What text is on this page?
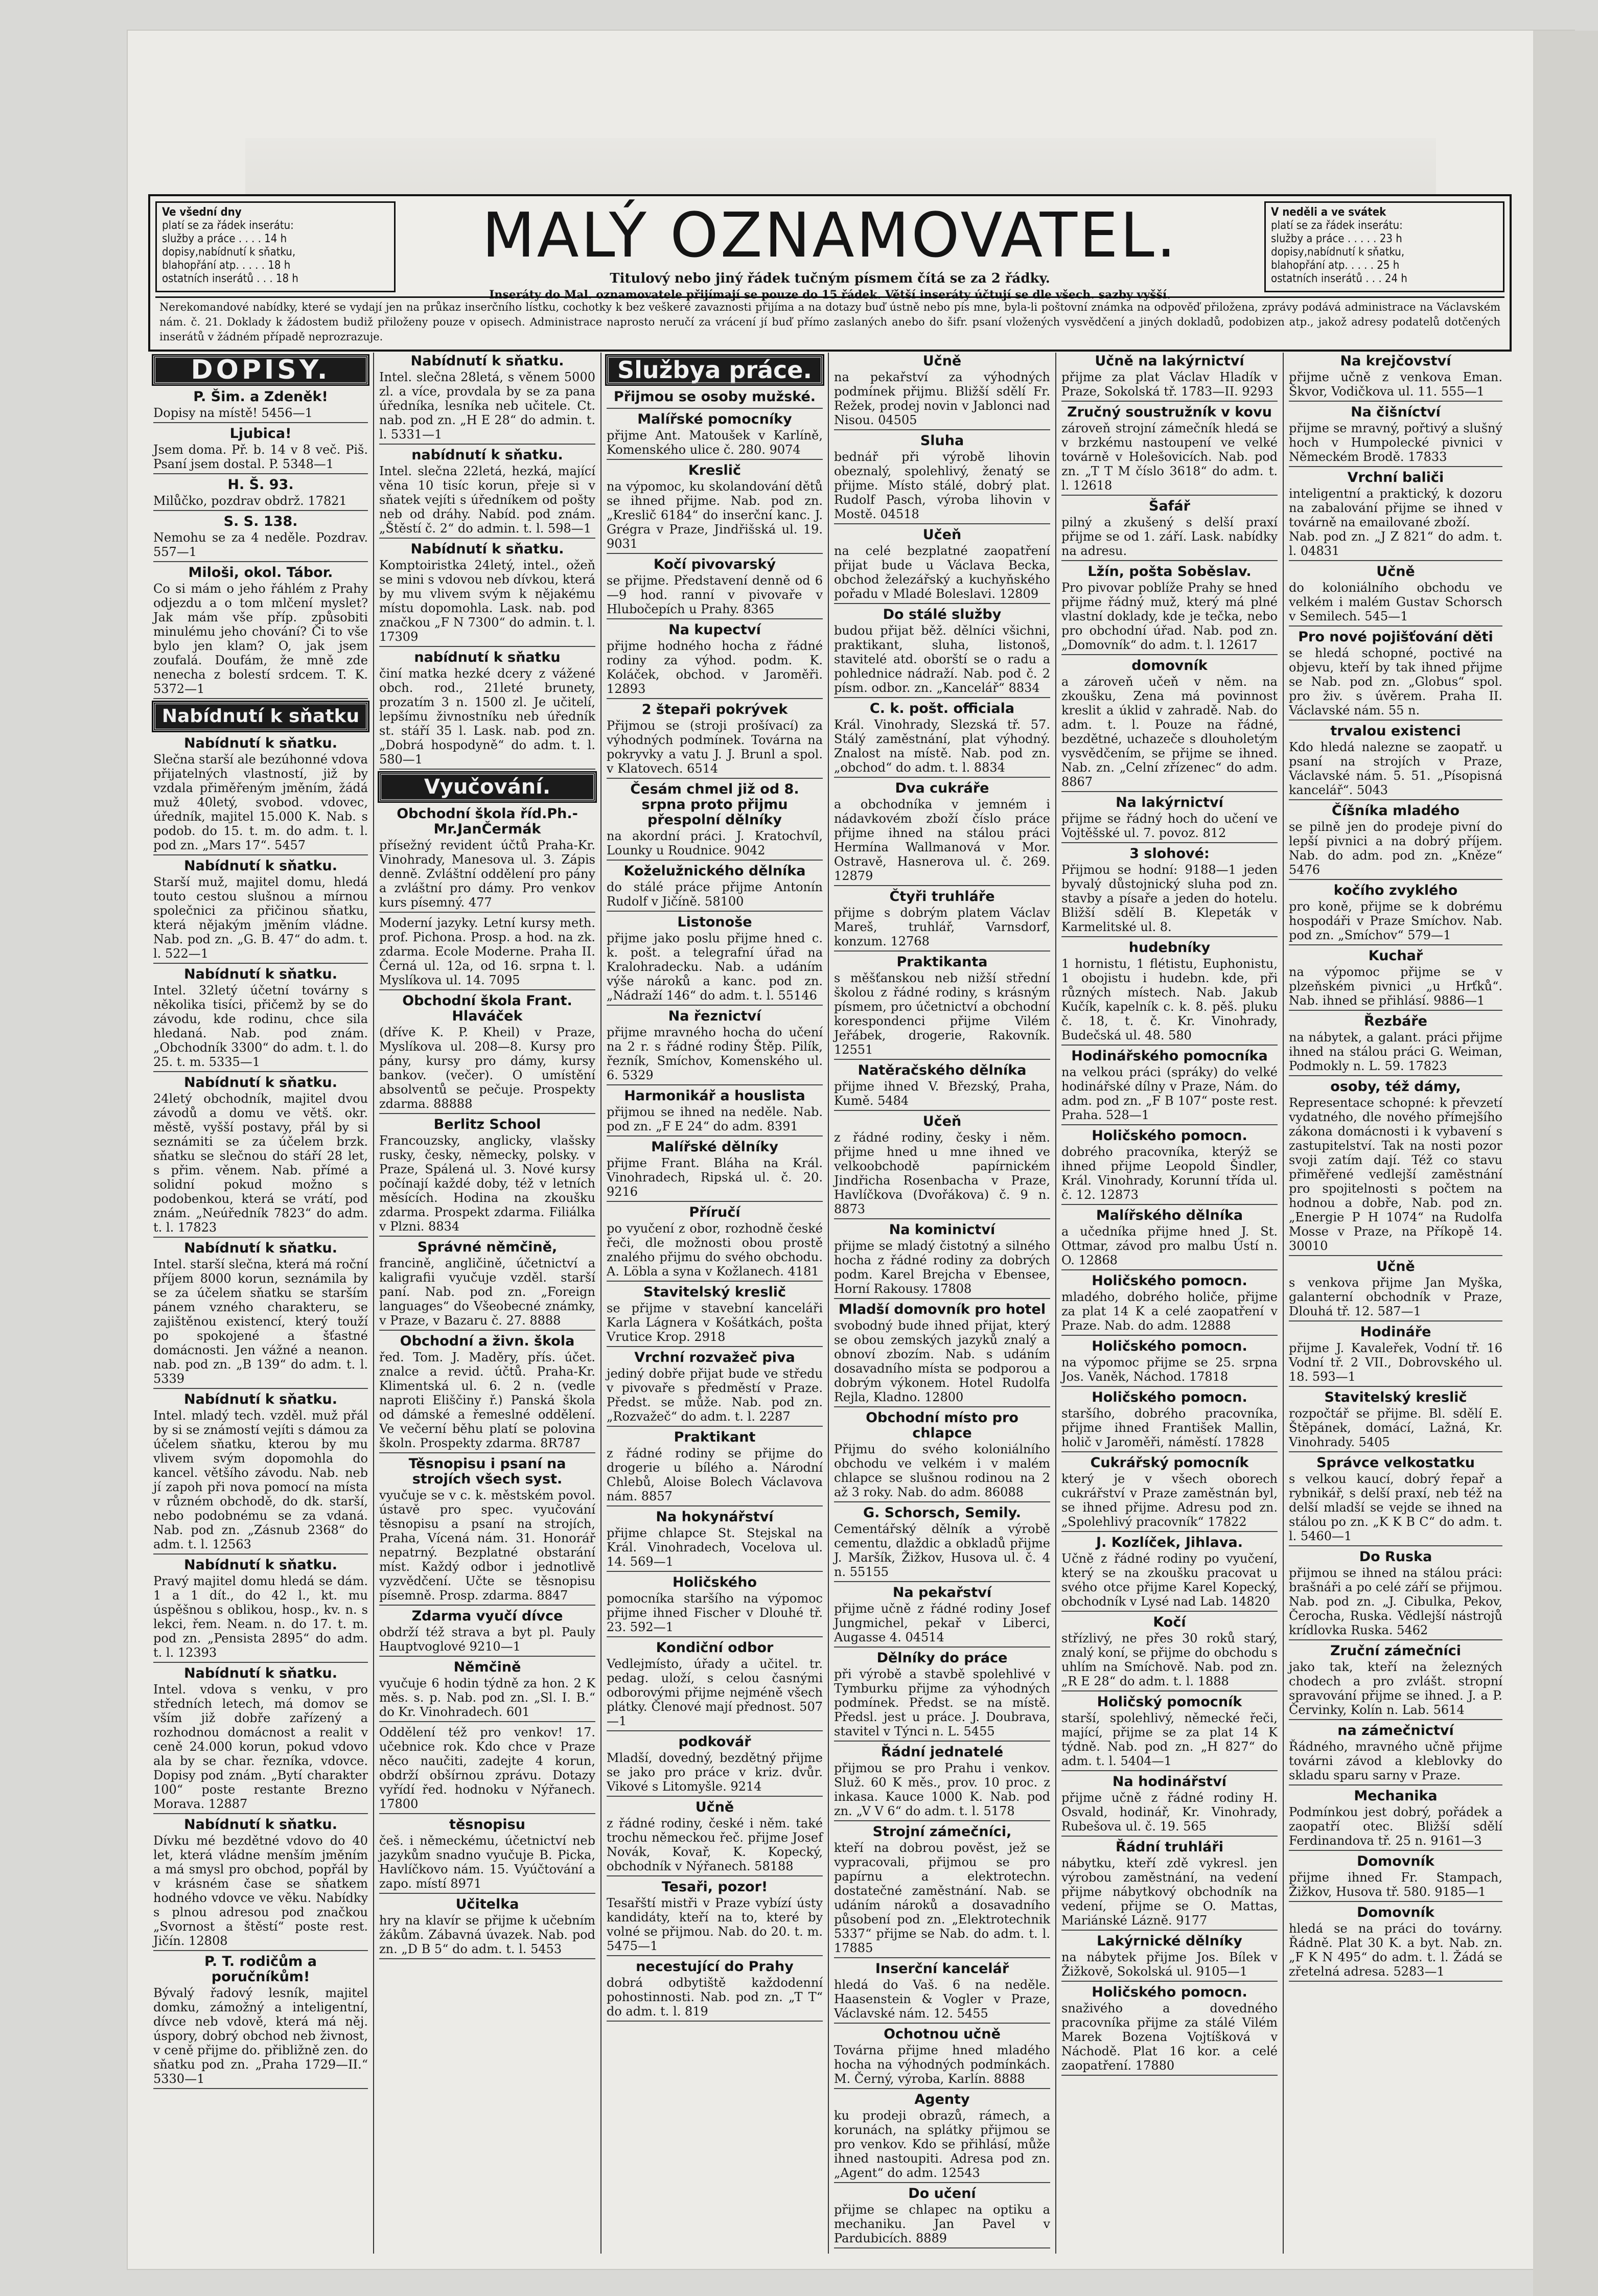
Ve všední dny
platí se za řádek inserátu:
služby a práce . . . . 14 h
dopisy,nabídnutí k sňatku,
blahopřání atp. . . . . 18 h
ostatních inserátů . . . 18 h
MALÝ OZNAMOVATEL.
Titulový nebo jiný řádek tučným písmem čítá se za 2 řádky.
Inseráty do Mal. oznamovatele přijímají se pouze do 15 řádek. Větší inseráty účtují se dle všech. sazby vyšší.
V neděli a ve svátek
platí se za řádek inserátu:
služby a práce . . . . . 23 h
dopisy,nabídnutí k sňatku,
blahopřání atp. . . . . 25 h
ostatních inserátů . . . 24 h
Nerekomandové nabídky, které se vydají jen na průkaz inserčního lístku, cochotky k bez veškeré zavaznosti přijíma a na dotazy buď ústně nebo pís mne, byla-li poštovní známka na odpověď přiložena, zprávy podává administrace na Václavském nám. č. 21. Doklady k žádostem budiž přiloženy pouze v opisech. Administrace naprosto neručí za vrácení jí buď přímo zaslaných anebo do šifr. psaní vložených vysvědčení a jiných dokladů, podobizen atp., jakož adresy podatelů dotčených inserátů v žádném případě neprozrazuje.
DOPISY.
P. Šim. a Zdeněk!

Dopisy na místě! 5456—1

Ljubica!

Jsem doma. Př. b. 14 v 8 več. Piš. Psaní jsem dostal. P. 5348—1

H. Š. 93.

Milůčko, pozdrav obdrž. 17821

S. S. 138.

Nemohu se za 4 neděle. Pozdrav. 557—1

Miloši, okol. Tábor.

Co si mám o jeho řáhlém z Prahy odjezdu a o tom mlčení myslet? Jak mám vše příp. způsobiti minulému jeho chování? Či to vše bylo jen klam? O, jak jsem zoufalá. Doufám, že mně zde nenecha z bolestí srdcem. T. K. 5372—1

Nabídnutí k sňatku
Nabídnutí k sňatku.

Slečna starší ale bezúhonné vdova přijatelných vlastností, již by vzdala přiměřeným jměním, žádá muž 40letý, svobod. vdovec, úředník, majitel 15.000 K. Nab. s podob. do 15. t. m. do adm. t. l. pod zn. „Mars 17“. 5457

Nabídnutí k sňatku.

Starší muž, majitel domu, hledá touto cestou slušnou a mírnou společnici za přičinou sňatku, která nějakým jměním vládne. Nab. pod zn. „G. B. 47“ do adm. t. l. 522—1

Nabídnutí k sňatku.

Intel. 32letý účetní továrny s několika tisíci, přičemž by se do závodu, kde rodinu, chce sila hledaná. Nab. pod znám. „Obchodník 3300“ do adm. t. l. do 25. t. m. 5335—1

Nabídnutí k sňatku.

24letý obchodník, majitel dvou závodů a domu ve větš. okr. městě, vyšší postavy, přál by si seznámiti se za účelem brzk. sňatku se slečnou do stáří 28 let, s přim. věnem. Nab. přímé a solidní pokud možno s podobenkou, která se vrátí, pod znám. „Neúředník 7823“ do adm. t. l. 17823

Nabídnutí k sňatku.

Intel. starší slečna, která má roční příjem 8000 korun, seznámila by se za účelem sňatku se starším pánem vzného charakteru, se zajištěnou existencí, který touží po spokojené a šťastné domácnosti. Jen vážné a neanon. nab. pod zn. „B 139“ do adm. t. l. 5339

Nabídnutí k sňatku.

Intel. mladý tech. vzděl. muž přál by si se známostí vejíti s dámou za účelem sňatku, kterou by mu vlivem svým dopomohla do kancel. většího závodu. Nab. neb jí zapoh při nova pomocí na místa v různém obchodě, do dk. starší, nebo podobnému se za vdaná. Nab. pod zn. „Zásnub 2368“ do adm. t. l. 12563

Nabídnutí k sňatku.

Pravý majitel domu hledá se dám. 1 a 1 dít., do 42 l., kt. mu úspěšnou s oblikou, hosp., kv. n. s lekci, řem. Neam. n. do 17. t. m. pod zn. „Pensista 2895“ do adm. t. l. 12393

Nabídnutí k sňatku.

Intel. vdova s venku, v pro středních letech, má domov se vším již dobře zařízený a rozhodnou domácnost a realit v ceně 24.000 korun, pokud vdovo ala by se char. řezníka, vdovce. Dopisy pod znám. „Bytí charakter 100“ poste restante Brezno Morava. 12887

Nabídnutí k sňatku.

Dívku mé bezdětné vdovo do 40 let, která vládne menším jměním a má smysl pro obchod, popřál by v krásném čase se sňatkem hodného vdovce ve věku. Nabídky s plnou adresou pod značkou „Svornost a štěstí“ poste rest. Jičín. 12808

P. T. rodičům a poručníkům!

Bývalý řadový lesník, majitel domku, zámožný a inteligentní, dívce neb vdově, která má něj. úspory, dobrý obchod neb živnost, v ceně přijme do. přibližně zen. do sňatku pod zn. „Praha 1729—II.“ 5330—1

Nabídnutí k sňatku.

Intel. slečna 28letá, s věnem 5000 zl. a více, provdala by se za pana úředníka, lesníka neb učitele. Ct. nab. pod zn. „H E 28“ do admin. t. l. 5331—1

nabídnutí k sňatku.

Intel. slečna 22letá, hezká, mající věna 10 tisíc korun, přeje si v sňatek vejíti s úředníkem od pošty neb od dráhy. Nabíd. pod znám. „Štěstí č. 2“ do admin. t. l. 598—1

Nabídnutí k sňatku.

Komptoiristka 24letý, intel., ožeň se mini s vdovou neb dívkou, která by mu vlivem svým k nějakému místu dopomohla. Lask. nab. pod značkou „F N 7300“ do admin. t. l. 17309

nabídnutí k sňatku

činí matka hezké dcery z vážené obch. rod., 21leté brunety, prozatím 3 n. 1500 zl. Je učitelí, lepšímu živnostníku neb úředník st. stáří 35 l. Lask. nab. pod zn. „Dobrá hospodyně“ do adm. t. l. 580—1

Vyučování.
Obchodní škola říd.Ph.-Mr.JanČermák

přísežný revident účtů Praha-Kr. Vinohrady, Manesova ul. 3. Zápis denně. Zvláštní oddělení pro pány a zvláštní pro dámy. Pro venkov kurs písemný. 477

Moderní jazyky. Letní kursy meth. prof. Pichona. Prosp. a hod. na zk. zdarma. Ecole Moderne. Praha II. Černá ul. 12a, od 16. srpna t. l. Myslíkova ul. 14. 7095

Obchodní škola Frant. Hlaváček

(dříve K. P. Kheil) v Praze, Myslíkova ul. 208—8. Kursy pro pány, kursy pro dámy, kursy bankov. (večer). O umístění absolventů se pečuje. Prospekty zdarma. 88888

Berlitz School

Francouzsky, anglicky, vlašsky rusky, česky, německy, polsky. v Praze, Spálená ul. 3. Nové kursy počínají každé doby, též v letních měsících. Hodina na zkoušku zdarma. Prospekt zdarma. Filiálka v Plzni. 8834

Správné němčině,

francině, angličině, účetnictví a kaligrafii vyučuje vzděl. starší paní. Nab. pod zn. „Foreign languages“ do Všeobecné známky, v Praze, v Bazaru č. 27. 8888

Obchodní a živn. škola

řed. Tom. J. Maděry, přís. účet. znalce a revid. účtů. Praha-Kr. Klimentská ul. 6. 2 n. (vedle naproti Eliščiny ř.) Panská škola od dámské a řemeslné oddělení. Ve večerní běhu platí se polovina školn. Prospekty zdarma. 8R787

Těsnopisu i psaní na strojích všech syst.

vyučuje se v c. k. městském povol. ústavě pro spec. vyučování těsnopisu a psaní na strojích, Praha, Vícená nám. 31. Honorář nepatrný. Bezplatné obstarání míst. Každý odbor i jednotlivě vyzvědčení. Učte se těsnopisu písemně. Prosp. zdarma. 8847

Zdarma vyučí dívce

obdrží též strava a byt pl. Pauly Hauptvoglové 9210—1

Němčině

vyučuje 6 hodin týdně za hon. 2 K měs. s. p. Nab. pod zn. „Sl. I. B.“ do Kr. Vinohradech. 601

Oddělení též pro venkov! 17. učebnice rok. Kdo chce v Praze něco naučiti, zadejte 4 korun, obdrží obšírnou zprávu. Dotazy vyřídí řed. hodnoku v Nýřanech. 17800

těsnopisu

češ. i německému, účetnictví neb jazykům snadno vyučuje B. Picka, Havlíčkovo nám. 15. Vyúčtování a zapo. místí 8971

Učitelka

hry na klavír se přijme k učebním žákům. Zábavná úvazek. Nab. pod zn. „D B 5“ do adm. t. l. 5453

Službya práce.
Přijmou se osoby mužské.
Malířské pomocníky

přijme Ant. Matoušek v Karlíně, Komenského ulice č. 280. 9074

Kreslič

na výpomoc, ku skolandování dětů se ihned přijme. Nab. pod zn. „Kreslič 6184“ do inserční kanc. J. Grégra v Praze, Jindřišská ul. 19. 9031

Kočí pivovarský

se přijme. Představení denně od 6—9 hod. ranní v pivovaře v Hlubočepích u Prahy. 8365

Na kupectví

přijme hodného hocha z řádné rodiny za výhod. podm. K. Koláček, obchod. v Jaroměři. 12893

2 štepaři pokrývek

Přijmou se (stroji prošívací) za výhodných podmínek. Továrna na pokryvky a vatu J. J. Brunl a spol. v Klatovech. 6514

Česám chmel již od 8. srpna proto přijmu přespolní dělníky

na akordní práci. J. Kratochvíl, Lounky u Roudnice. 9042

Koželužnického dělníka

do stálé práce přijme Antonín Rudolf v Jičíně. 58100

Listonoše

přijme jako poslu přijme hned c. k. pošt. a telegrafní úřad na Kralohradecku. Nab. a udáním výše nároků a kanc. pod zn. „Nádraží 146“ do adm. t. l. 55146

Na řeznictví

přijme mravného hocha do učení na 2 r. s řádné rodiny Štěp. Pilík, řezník, Smíchov, Komenského ul. 6. 5329

Harmonikář a houslista

přijmou se ihned na neděle. Nab. pod zn. „F E 24“ do adm. 8391

Malířské dělníky

přijme Frant. Bláha na Král. Vinohradech, Ripská ul. č. 20. 9216

Příručí

po vyučení z obor, rozhodně české řeči, dle možnosti obou prostě znalého přijmu do svého obchodu. A. Löbla a syna v Kožlanech. 4181

Stavitelský kreslič

se přijme v stavební kanceláři Karla Lágnera v Košátkách, pošta Vrutice Krop. 2918

Vrchní rozvažeč piva

jediný dobře přijat bude ve středu v pivovaře s předměstí v Praze. Předst. se může. Nab. pod zn. „Rozvažeč“ do adm. t. l. 2287

Praktikant

z řádné rodiny se přijme do drogerie u bílého a. Národní Chlebů, Aloise Bolech Václavova nám. 8857

Na hokynářství

přijme chlapce St. Stejskal na Král. Vinohradech, Vocelova ul. 14. 569—1

Holičského

pomocníka staršího na výpomoc přijme ihned Fischer v Dlouhé tř. 23. 592—1

Kondiční odbor

Vedlejmísto, úřady a učitel. tr. pedag. uloží, s celou časnými odborovými přijme nejméně všech plátky. Členové mají přednost. 507—1

podkovář

Mladší, dovedný, bezdětný přijme se jako pro práce v kriz. dvůr. Vikové s Litomyšle. 9214

Učně

z řádné rodiny, české i něm. také trochu německou řeč. přijme Josef Novák, Kovař, K. Kopecký, obchodník v Nýřanech. 58188

Tesaři, pozor!

Tesařští mistři v Praze vybízí ústy kandidáty, kteří na to, které by volné se přijmou. Nab. do 20. t. m. 5475—1

necestující do Prahy

dobrá odbytiště každodenní pohostinnosti. Nab. pod zn. „T T“ do adm. t. l. 819

Učně

na pekařství za výhodných podmínek přijmu. Bližší sdělí Fr. Režek, prodej novin v Jablonci nad Nisou. 04505

Sluha

bednář při výrobě lihovin obeznalý, spolehlivý, ženatý se přijme. Místo stálé, dobrý plat. Rudolf Pasch, výroba lihovin v Mostě. 04518

Učeň

na celé bezplatné zaopatření přijat bude u Václava Becka, obchod železářský a kuchyňského pořadu v Mladé Boleslavi. 12809

Do stálé služby

budou přijat běž. dělníci všichni, praktikant, sluha, listonoš, stavitelé atd. oborští se o radu a pohlednice nádraží. Nab. pod č. 2 písm. odbor. zn. „Kancelář“ 8834

C. k. pošt. officiala

Král. Vinohrady, Slezská tř. 57. Stálý zaměstnání, plat výhodný. Znalost na místě. Nab. pod zn. „obchod“ do adm. t. l. 8834

Dva cukráře

a obchodníka v jemném i nádavkovém zboží číslo práce přijme ihned na stálou práci Hermína Wallmanová v Mor. Ostravě, Hasnerova ul. č. 269. 12879

Čtyři truhláře

přijme s dobrým platem Václav Mareš, truhlář, Varnsdorf, konzum. 12768

Praktikanta

s měšťanskou neb nižší střední školou z řádné rodiny, s krásným písmem, pro účetnictví a obchodní korespondenci přijme Vilém Jeřábek, drogerie, Rakovník. 12551

Natěračského dělníka

přijme ihned V. Březský, Praha, Kumě. 5484

Učeň

z řádné rodiny, česky i něm. přijme hned u mne ihned ve velkoobchodě papírnickém Jindřicha Rosenbacha v Praze, Havlíčkova (Dvořákova) č. 9 n. 8873

Na kominictví

přijme se mladý čistotný a silného hocha z řádné rodiny za dobrých podm. Karel Brejcha v Ebensee, Horní Rakousy. 17808

Mladší domovník pro hotel

svobodný bude ihned přijat, který se obou zemských jazyků znalý a obnoví zbozím. Nab. s udáním dosavadního místa se podporou a dobrým výkonem. Hotel Rudolfa Rejla, Kladno. 12800

Obchodní místo pro chlapce

Přijmu do svého koloniálního obchodu ve velkém i v malém chlapce se slušnou rodinou na 2 až 3 roky. Nab. do adm. 86088

G. Schorsch, Semily.

Cementářský dělník a výrobě cementu, dlaždic a obkladů přijme J. Maršík, Žižkov, Husova ul. č. 4 n. 55155

Na pekařství

přijme učně z řádné rodiny Josef Jungmichel, pekař v Liberci, Augasse 4. 04514

Dělníky do práce

při výrobě a stavbě spolehlivé v Tymburku přijme za výhodných podmínek. Předst. se na místě. Předsl. jest u práce. J. Doubrava, stavitel v Týnci n. L. 5455

Řádní jednatelé

přijmou se pro Prahu i venkov. Služ. 60 K měs., prov. 10 proc. z inkasa. Kauce 1000 K. Nab. pod zn. „V V 6“ do adm. t. l. 5178

Strojní zámečníci,

kteří na dobrou pověst, jež se vypracovali, přijmou se pro papírnu a elektrotechn. dostatečné zaměstnání. Nab. se udáním nároků a dosavadního působení pod zn. „Elektrotechnik 5337“ přijme se Nab. do adm. t. l. 17885

Inserční kancelář

hledá do Vaš. 6 na neděle. Haasenstein & Vogler v Praze, Václavské nám. 12. 5455

Ochotnou učně

Továrna přijme hned mladého hocha na výhodných podmínkách. M. Černý, výroba, Karlín. 8888

Agenty

ku prodeji obrazů, rámech, a korunách, na splátky přijmou se pro venkov. Kdo se přihlásí, může ihned nastoupiti. Adresa pod zn. „Agent“ do adm. 12543

Do učení

přijme se chlapec na optiku a mechaniku. Jan Pavel v Pardubicích. 8889

Učně na lakýrnictví

přijme za plat Václav Hladík v Praze, Sokolská tř. 1783—II. 9293

Zručný soustružník v kovu

zároveň strojní zámečník hledá se v brzkému nastoupení ve velké továrně v Holešovicích. Nab. pod zn. „T T M číslo 3618“ do adm. t. l. 12618

Šafář

pilný a zkušený s delší praxí přijme se od 1. září. Lask. nabídky na adresu.

Lžín, pošta Soběslav.

Pro pivovar poblíže Prahy se hned přijme řádný muž, který má plné vlastní doklady, kde je tečka, nebo pro obchodní úřad. Nab. pod zn. „Domovník“ do adm. t. l. 12617

domovník

a zároveň učeň v něm. na zkoušku, Zena má povinnost kreslit a úklid v zahradě. Nab. do adm. t. l. Pouze na řádné, bezdětné, uchazeče s dlouholetým vysvědčením, se přijme se ihned. Nab. zn. „Celní zřízenec“ do adm. 8867

Na lakýrnictví

přijme se řádný hoch do učení ve Vojtěšské ul. 7. povoz. 812

3 slohové:

Přijmou se hodní: 9188—1 jeden byvalý důstojnický sluha pod zn. stavby a písaře a jeden do hotelu. Bližší sdělí B. Klepeták v Karmelitské ul. 8.

hudebníky

1 hornistu, 1 flétistu, Euphonistu, 1 obojistu i hudebn. kde, při různých místech. Nab. Jakub Kučík, kapelník c. k. 8. pěš. pluku č. 18, t. č. Kr. Vinohrady, Budečská ul. 48. 580

Hodinářského pomocníka

na velkou práci (spráky) do velké hodinářské dílny v Praze, Nám. do adm. pod zn. „F B 107“ poste rest. Praha. 528—1

Holičského pomocn.

dobrého pracovníka, kterýž se ihned přijme Leopold Šindler, Král. Vinohrady, Korunní třída ul. č. 12. 12873

Malířského dělníka

a učedníka přijme hned J. St. Ottmar, závod pro malbu Ústí n. O. 12868

Holičského pomocn.

mladého, dobrého holiče, přijme za plat 14 K a celé zaopatření v Praze. Nab. do adm. 12888

Holičského pomocn.

na výpomoc přijme se 25. srpna Jos. Vaněk, Náchod. 17818

Holičského pomocn.

staršího, dobrého pracovníka, přijme ihned František Mallin, holič v Jaroměři, náměstí. 17828

Cukrářský pomocník

který je v všech oborech cukrářství v Praze zaměstnán byl, se ihned přijme. Adresu pod zn. „Spolehlivý pracovník“ 17822

J. Kozlíček, Jihlava.

Učně z řádné rodiny po vyučení, který se na zkoušku pracovat u svého otce přijme Karel Kopecký, obchodník v Lysé nad Lab. 14820

Kočí

střízlivý, ne přes 30 roků starý, znalý koní, se přijme do obchodu s uhlím na Smíchově. Nab. pod zn. „R E 28“ do adm. t. l. 1888

Holičský pomocník

starší, spolehlivý, německé řeči, mající, přijme se za plat 14 K týdně. Nab. pod zn. „H 827“ do adm. t. l. 5404—1

Na hodinářství

přijme učně z řádné rodiny H. Osvald, hodinář, Kr. Vinohrady, Rubešova ul. č. 19. 565

Řádní truhláři

nábytku, kteří zdě vykresl. jen výrobou zaměstnání, na vedení přijme nábytkový obchodník na vedení, přijme se O. Mattas, Mariánské Lázně. 9177

Lakýrnické dělníky

na nábytek přijme Jos. Bílek v Žižkově, Sokolská ul. 9105—1

Holičského pomocn.

snaživého a dovedného pracovníka přijme za stálé Vilém Marek Bozena Vojtíšková v Náchodě. Plat 16 kor. a celé zaopatření. 17880

Na krejčovství

přijme učně z venkova Eman. Škvor, Vodičkova ul. 11. 555—1

Na čišníctví

přijme se mravný, pořtivý a slušný hoch v Humpolecké pivnici v Německém Brodě. 17833

Vrchní baliči

inteligentní a praktický, k dozoru na zabalování přijme se ihned v továrně na emailované zboží.

Nab. pod zn. „J Z 821“ do adm. t. l. 04831

Učně

do koloniálního obchodu ve velkém i malém Gustav Schorsch v Semilech. 545—1

Pro nové pojišťování děti

se hledá schopné, poctivé na objevu, kteří by tak ihned přijme se Nab. pod zn. „Globus“ spol. pro živ. s úvěrem. Praha II. Václavské nám. 55 n.

trvalou existenci

Kdo hledá nalezne se zaopatř. u psaní na strojích v Praze, Václavské nám. 5. 51. „Písopisná kancelář“. 5043

Číšníka mladého

se pilně jen do prodeje pivní do lepší pivnici a na dobrý příjem. Nab. do adm. pod zn. „Kněze“ 5476

kočího zvyklého

pro koně, přijme se k dobrému hospodáři v Praze Smíchov. Nab. pod zn. „Smíchov“ 579—1

Kuchař

na výpomoc přijme se v plzeňském pivnici „u Hrťků“. Nab. ihned se přihlásí. 9886—1

Řezbáře

na nábytek, a galant. práci přijme ihned na stálou práci G. Weiman, Podmokly n. L. 59. 17823

osoby, též dámy,

Representace schopné: k převzetí vydatného, dle nového přímejšího zákona domácnosti i k vybavení s zastupitelství. Tak na nosti pozor svoji zatím dají. Též co stavu přiměřené vedlejší zaměstnání pro spojitelnosti s počtem na hodnou a dobře, Nab. pod zn. „Energie P H 1074“ na Rudolfa Mosse v Praze, na Příkopě 14. 30010

Učně

s venkova přijme Jan Myška, galanterní obchodník v Praze, Dlouhá tř. 12. 587—1

Hodináře

přijme J. Kavaleřek, Vodní tř. 16 Vodní tř. 2 VII., Dobrovského ul. 18. 593—1

Stavitelský kreslič

rozpočtář se přijme. Bl. sdělí E. Štěpánek, domácí, Lažná, Kr. Vinohrady. 5405

Správce velkostatku

s velkou kaucí, dobrý řepař a rybnikář, s delší praxí, neb též na delší mladší se vejde se ihned na stálou po zn. „K K B C“ do adm. t. l. 5460—1

Do Ruska

přijmou se ihned na stálou práci: brašnáři a po celé září se přijmou. Nab. pod zn. „J. Cibulka, Pekov, Čerocha, Ruska. Vědlejší nástrojů krídlovka Ruska. 5462

Zruční zámečníci

jako tak, kteří na železných chodech a pro zvlášt. stropní spravování přijme se ihned. J. a P. Červinky, Kolín n. Lab. 5614

na zámečnictví

Řádného, mravného učně přijme továrni závod a kleblovky do skladu sparu sarny v Praze.

Mechanika

Podmínkou jest dobrý, pořádek a zaopatří otec. Bližší sdělí Ferdinandova tř. 25 n. 9161—3

Domovník

přijme ihned Fr. Stampach, Žižkov, Husova tř. 580. 9185—1

Domovník

hledá se na práci do továrny. Řádně. Plat 30 K. a byt. Nab. zn. „F K N 495“ do adm. t. l. Žádá se zřetelná adresa. 5283—1
